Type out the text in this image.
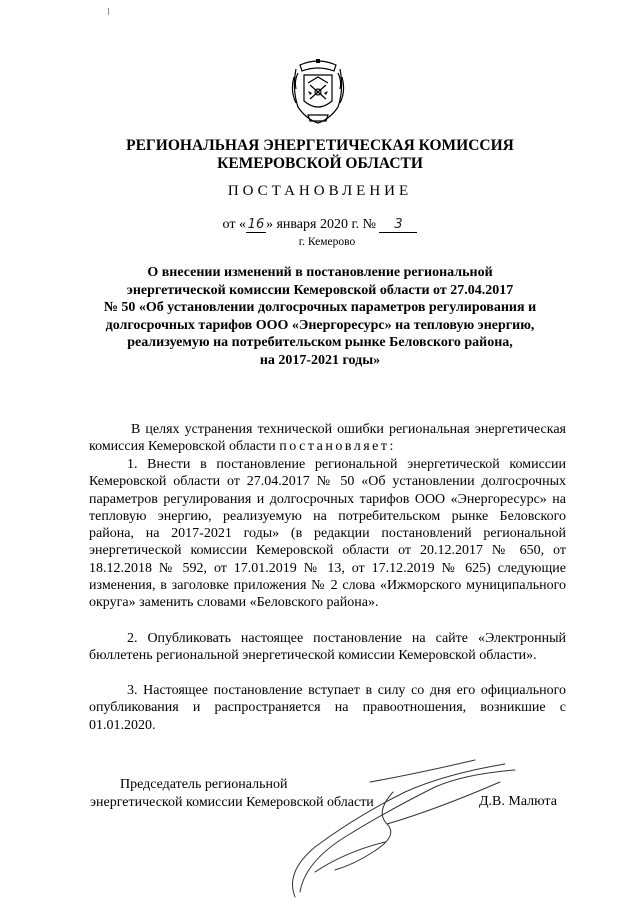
РЕГИОНАЛЬНАЯ ЭНЕРГЕТИЧЕСКАЯ КОМИССИЯ
КЕМЕРОВСКОЙ ОБЛАСТИ
ПОСТАНОВЛЕНИЕ
от « 16 » января 2020 г. № 3
г. Кемерово
О внесении изменений в постановление региональной
энергетической комиссии Кемеровской области от 27.04.2017
№ 50 «Об установлении долгосрочных параметров регулирования и
долгосрочных тарифов ООО «Энергоресурс» на тепловую энергию,
реализуемую на потребительском рынке Беловского района,
на 2017-2021 годы»
В целях устранения технической ошибки региональная энергетическая комиссия Кемеровской области постановляет:
1. Внести в постановление региональной энергетической комиссии Кемеровской области от 27.04.2017 № 50 «Об установлении долгосрочных параметров регулирования и долгосрочных тарифов ООО «Энергоресурс» на тепловую энергию, реализуемую на потребительском рынке Беловского района, на 2017-2021 годы» (в редакции постановлений региональной энергетической комиссии Кемеровской области от 20.12.2017 № 650, от 18.12.2018 № 592, от 17.01.2019 № 13, от 17.12.2019 № 625) следующие изменения, в заголовке приложения № 2 слова «Ижморского муниципального округа» заменить словами «Беловского района».
2. Опубликовать настоящее постановление на сайте «Электронный бюллетень региональной энергетической комиссии Кемеровской области».
3. Настоящее постановление вступает в силу со дня его официального опубликования и распространяется на правоотношения, возникшие с 01.01.2020.
Председатель региональной
энергетической комиссии Кемеровской области	Д.В. Малюта
